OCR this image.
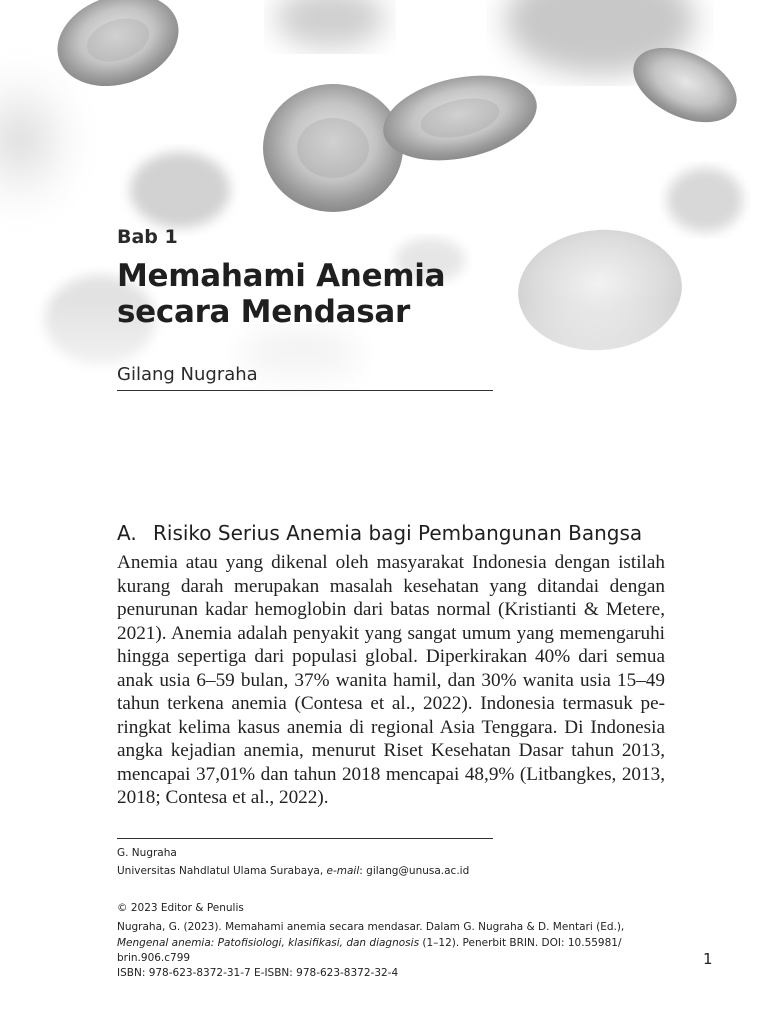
Bab 1
Memahami Anemia
secara Mendasar
Gilang Nugraha
A. Risiko Serius Anemia bagi Pembangunan Bangsa
Anemia atau yang dikenal oleh masyarakat Indonesia dengan istilah kurang darah merupakan masalah kesehatan yang ditandai dengan penurunan kadar hemoglobin dari batas normal (Kristianti & Metere, 2021). Anemia adalah penyakit yang sangat umum yang memengaruhi hingga sepertiga dari populasi global. Diperkirakan 40% dari semua anak usia 6–59 bulan, 37% wanita hamil, dan 30% wanita usia 15–49 tahun terkena anemia (Contesa et al., 2022). Indonesia termasuk peringkat kelima kasus anemia di regional Asia Tenggara. Di Indonesia angka kejadian anemia, menurut Riset Kesehatan Dasar tahun 2013, mencapai 37,01% dan tahun 2018 mencapai 48,9% (Litbangkes, 2013, 2018; Contesa et al., 2022).
G. Nugraha
Universitas Nahdlatul Ulama Surabaya, e-mail: gilang@unusa.ac.id
© 2023 Editor & Penulis
Nugraha, G. (2023). Memahami anemia secara mendasar. Dalam G. Nugraha & D. Mentari (Ed.),
Mengenal anemia: Patofisiologi, klasifikasi, dan diagnosis (1–12). Penerbit BRIN. DOI: 10.55981/
brin.906.c799
ISBN: 978-623-8372-31-7 E-ISBN: 978-623-8372-32-4
1
